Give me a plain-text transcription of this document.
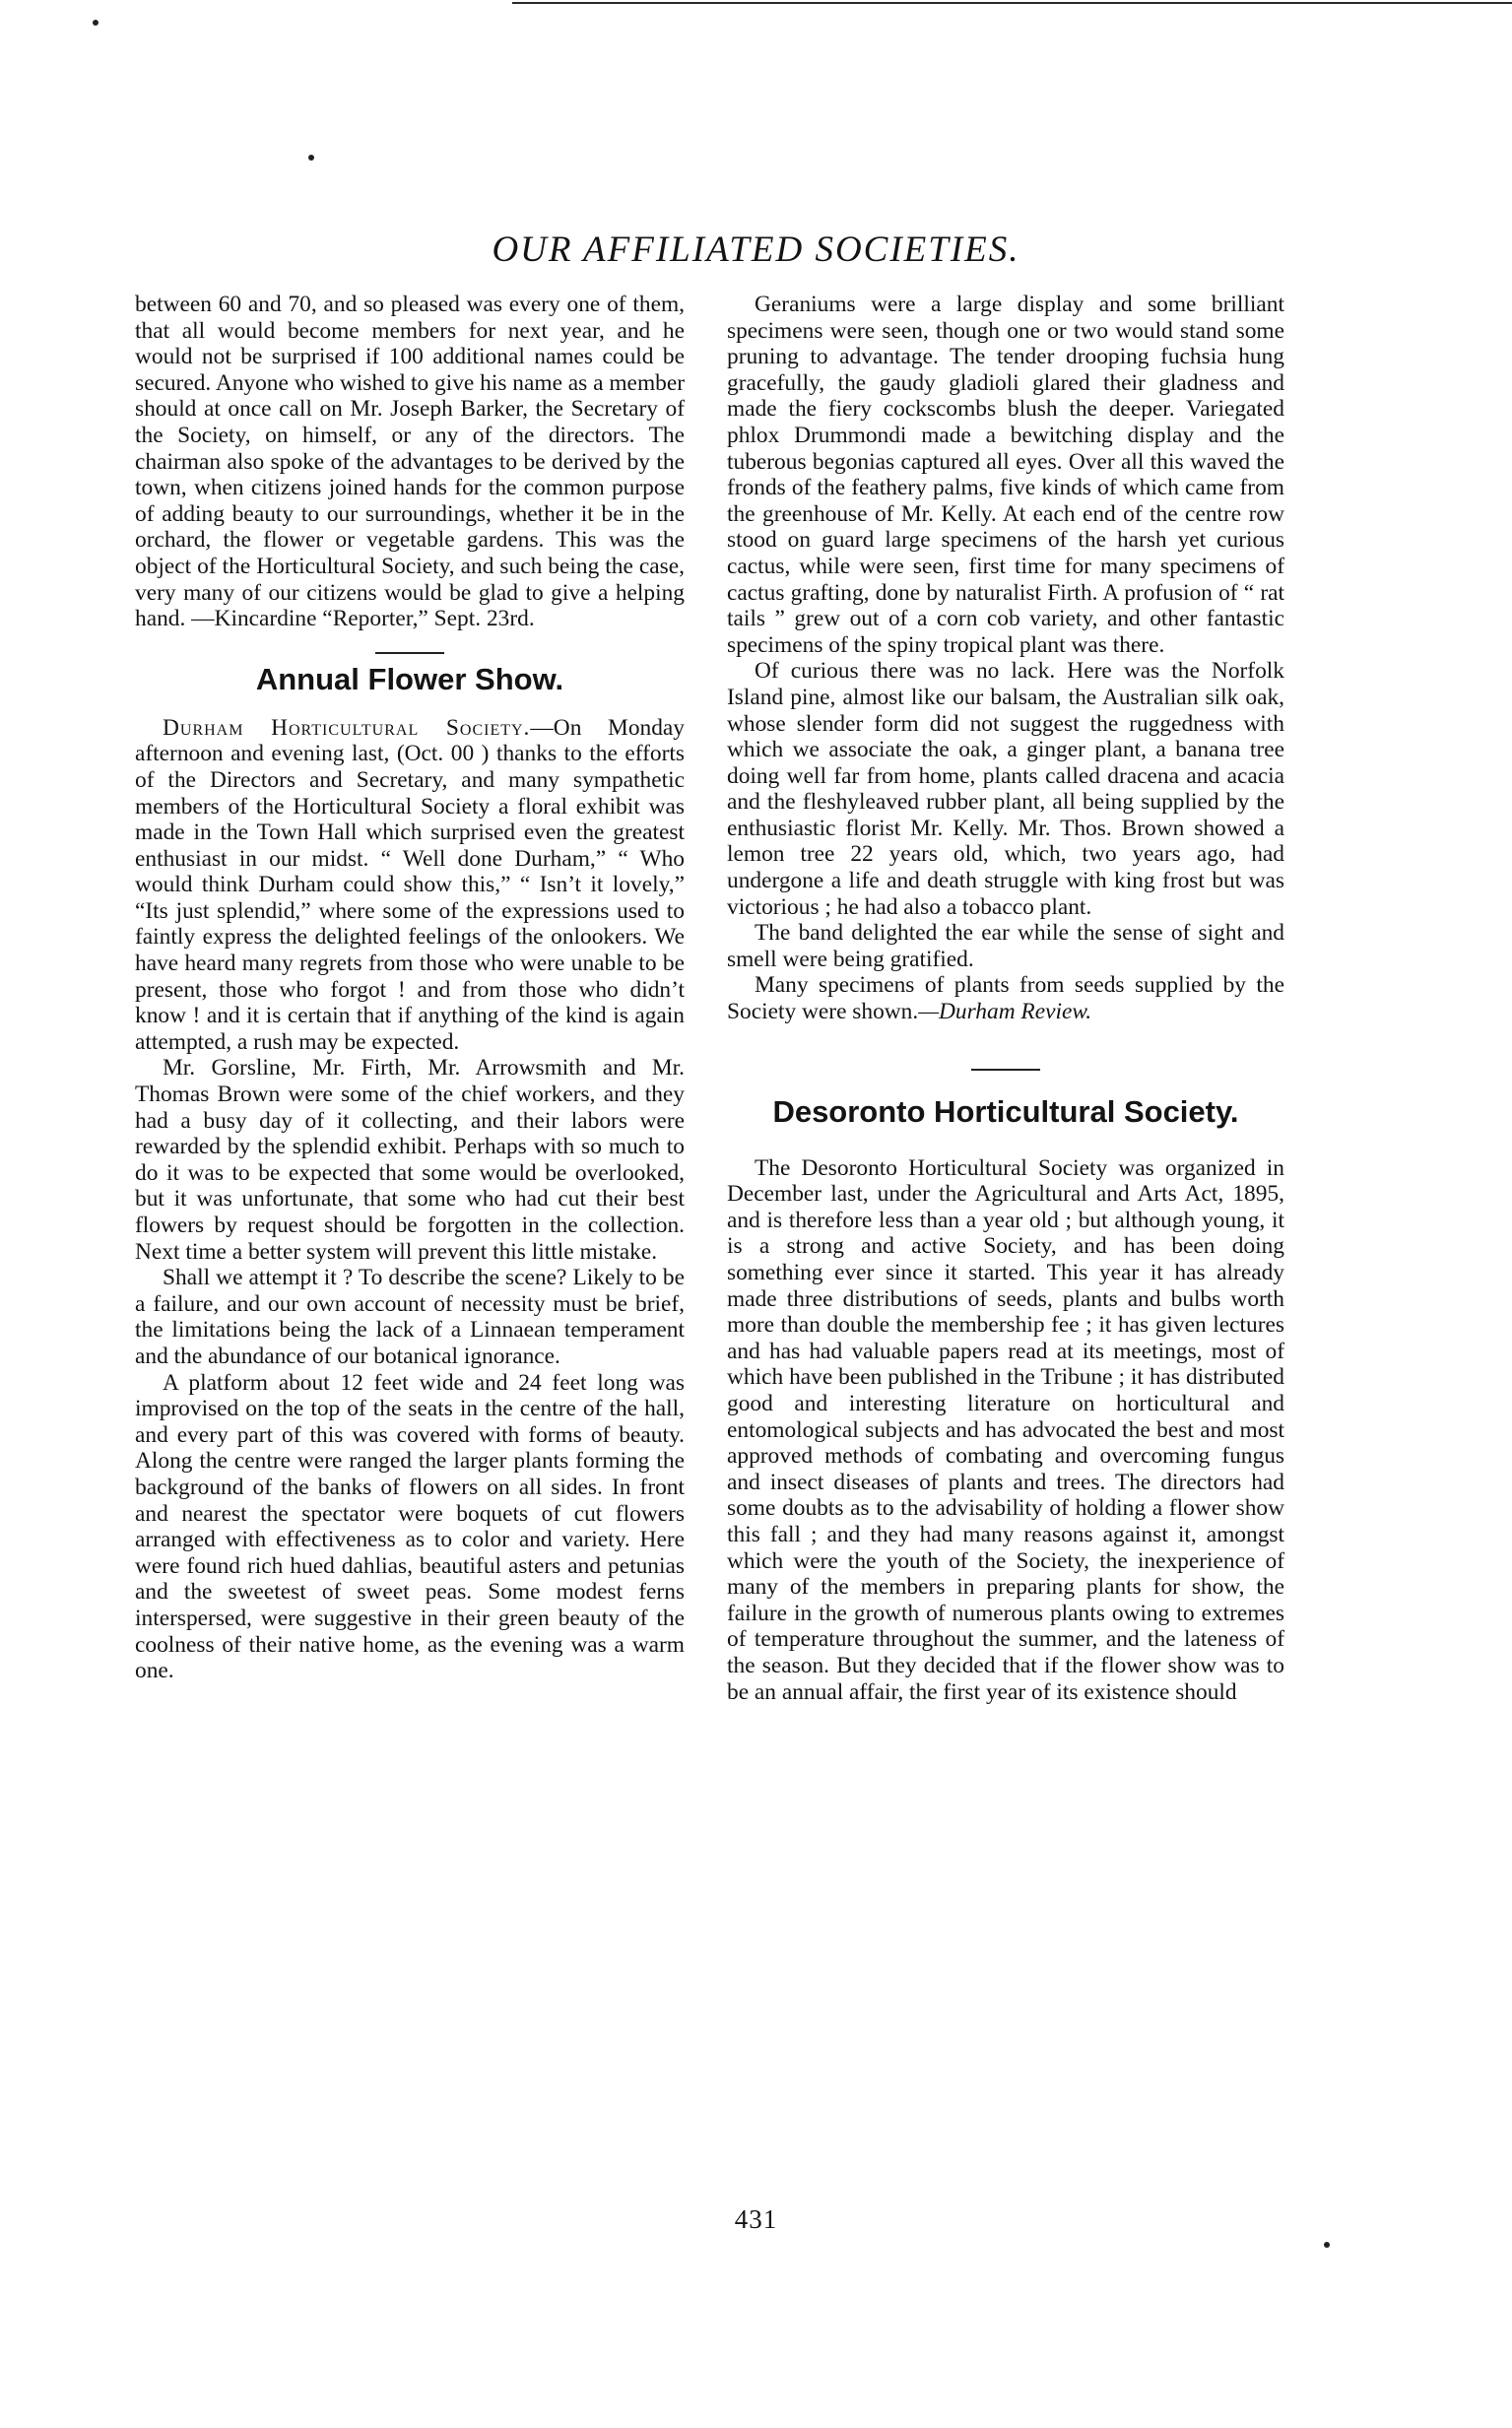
OUR AFFILIATED SOCIETIES.

between 60 and 70, and so pleased was every one of them, that all would become members for next year, and he would not be surprised if 100 additional names could be secured. Anyone who wished to give his name as a member should at once call on Mr. Joseph Barker, the Secretary of the Society, on himself, or any of the directors. The chairman also spoke of the advantages to be derived by the town, when citizens joined hands for the common purpose of adding beauty to our surroundings, whether it be in the orchard, the flower or vegetable gardens. This was the object of the Horticultural Society, and such being the case, very many of our citizens would be glad to give a helping hand. —Kincardine “Reporter,” Sept. 23rd.

Annual Flower Show.

Durham Horticultural Society.—On Monday afternoon and evening last, (Oct. 00 ) thanks to the efforts of the Directors and Secretary, and many sympathetic members of the Horticultural Society a floral exhibit was made in the Town Hall which surprised even the greatest enthusiast in our midst. “ Well done Durham,” “ Who would think Durham could show this,” “ Isn’t it lovely,” “Its just splendid,” where some of the expressions used to faintly express the delighted feelings of the onlookers. We have heard many regrets from those who were unable to be present, those who forgot ! and from those who didn’t know ! and it is certain that if anything of the kind is again attempted, a rush may be expected.

Mr. Gorsline, Mr. Firth, Mr. Arrowsmith and Mr. Thomas Brown were some of the chief workers, and they had a busy day of it collecting, and their labors were rewarded by the splendid exhibit. Perhaps with so much to do it was to be expected that some would be overlooked, but it was unfortunate, that some who had cut their best flowers by request should be forgotten in the collection. Next time a better system will prevent this little mistake.

Shall we attempt it ? To describe the scene? Likely to be a failure, and our own account of necessity must be brief, the limitations being the lack of a Linnaean temperament and the abundance of our botanical ignorance.

A platform about 12 feet wide and 24 feet long was improvised on the top of the seats in the centre of the hall, and every part of this was covered with forms of beauty. Along the centre were ranged the larger plants forming the background of the banks of flowers on all sides. In front and nearest the spectator were boquets of cut flowers arranged with effectiveness as to color and variety. Here were found rich hued dahlias, beautiful asters and petunias and the sweetest of sweet peas. Some modest ferns interspersed, were suggestive in their green beauty of the coolness of their native home, as the evening was a warm one.

Geraniums were a large display and some brilliant specimens were seen, though one or two would stand some pruning to advantage. The tender drooping fuchsia hung gracefully, the gaudy gladioli glared their gladness and made the fiery cockscombs blush the deeper. Variegated phlox Drummondi made a bewitching display and the tuberous begonias captured all eyes. Over all this waved the fronds of the feathery palms, five kinds of which came from the greenhouse of Mr. Kelly. At each end of the centre row stood on guard large specimens of the harsh yet curious cactus, while were seen, first time for many specimens of cactus grafting, done by naturalist Firth. A profusion of “ rat tails ” grew out of a corn cob variety, and other fantastic specimens of the spiny tropical plant was there.

Of curious there was no lack. Here was the Norfolk Island pine, almost like our balsam, the Australian silk oak, whose slender form did not suggest the ruggedness with which we associate the oak, a ginger plant, a banana tree doing well far from home, plants called dracena and acacia and the fleshyleaved rubber plant, all being supplied by the enthusiastic florist Mr. Kelly. Mr. Thos. Brown showed a lemon tree 22 years old, which, two years ago, had undergone a life and death struggle with king frost but was victorious ; he had also a tobacco plant.

The band delighted the ear while the sense of sight and smell were being gratified.

Many specimens of plants from seeds supplied by the Society were shown.—Durham Review.

Desoronto Horticultural Society.

The Desoronto Horticultural Society was organized in December last, under the Agricultural and Arts Act, 1895, and is therefore less than a year old ; but although young, it is a strong and active Society, and has been doing something ever since it started. This year it has already made three distributions of seeds, plants and bulbs worth more than double the membership fee ; it has given lectures and has had valuable papers read at its meetings, most of which have been published in the Tribune ; it has distributed good and interesting literature on horticultural and entomological subjects and has advocated the best and most approved methods of combating and overcoming fungus and insect diseases of plants and trees. The directors had some doubts as to the advisability of holding a flower show this fall ; and they had many reasons against it, amongst which were the youth of the Society, the inexperience of many of the members in preparing plants for show, the failure in the growth of numerous plants owing to extremes of temperature throughout the summer, and the lateness of the season. But they decided that if the flower show was to be an annual affair, the first year of its existence should

431
